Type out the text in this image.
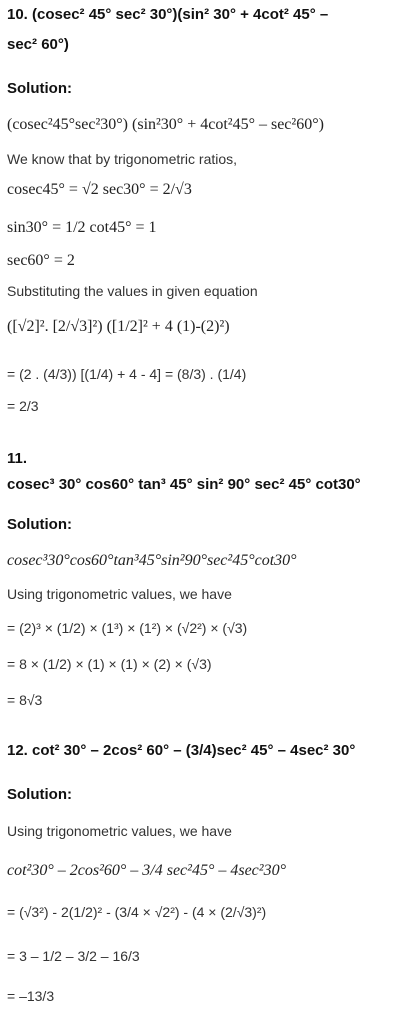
10. (cosec² 45° sec² 30°)(sin² 30° + 4cot² 45° –
sec² 60°)
Solution:
(cosec²45°sec²30°) (sin²30° + 4cot²45° – sec²60°)
We know that by trigonometric ratios,
cosec45° = √2 sec30° = 2/√3
sin30° = 1/2 cot45° = 1
sec60° = 2
Substituting the values in given equation
([√2]². [2/√3]²) ([1/2]² + 4 (1)-(2)²)
= (2 . (4/3)) [(1/4) + 4 - 4] = (8/3) . (1/4)
= 2/3
11.
cosec³ 30° cos60° tan³ 45° sin² 90° sec² 45° cot30°
Solution:
cosec³30°cos60°tan³45°sin²90°sec²45°cot30°
Using trigonometric values, we have
= (2)³ × (1/2) × (1³) × (1²) × (√2²) × (√3)
= 8 × (1/2) × (1) × (1) × (2) × (√3)
= 8√3
12. cot² 30° – 2cos² 60° – (3/4)sec² 45° – 4sec² 30°
Solution:
Using trigonometric values, we have
cot²30° – 2cos²60° – 3/4 sec²45° – 4sec²30°
= (√3²) - 2(1/2)² - (3/4 × √2²) - (4 × (2/√3)²)
= 3 – 1/2 – 3/2 – 16/3
= –13/3
